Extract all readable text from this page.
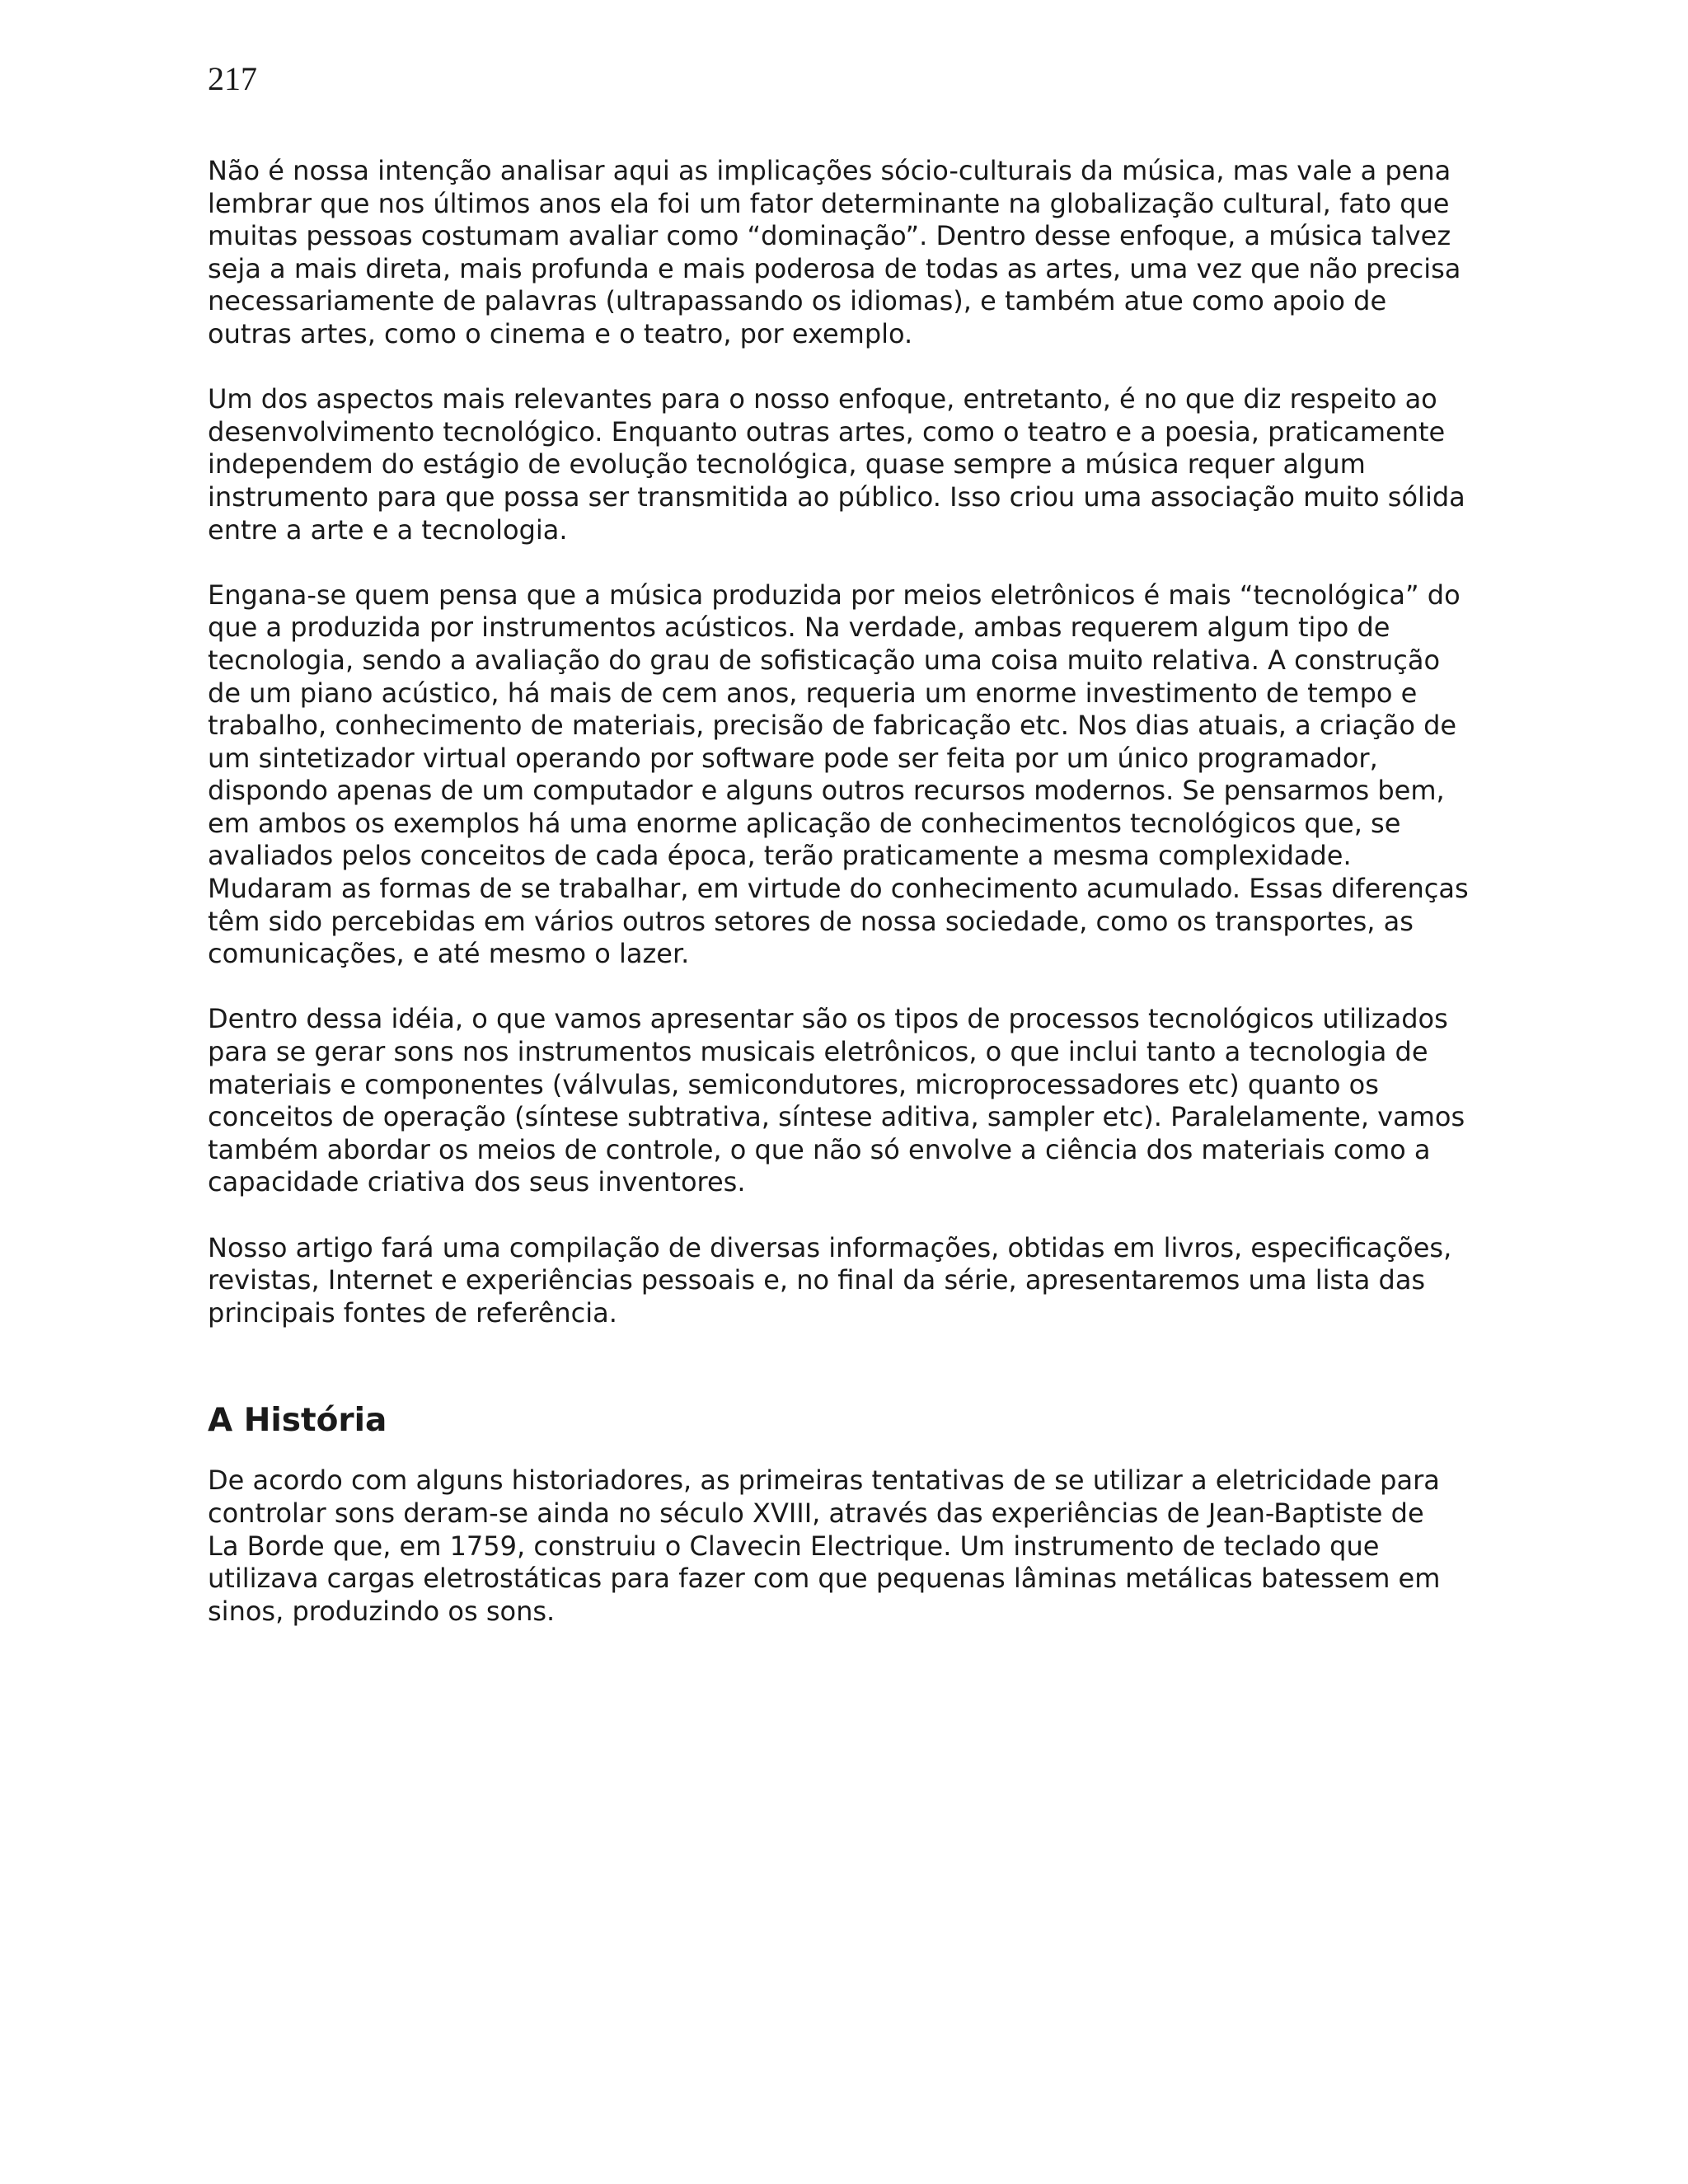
217

Não é nossa intenção analisar aqui as implicações sócio-culturais da música, mas vale a pena
lembrar que nos últimos anos ela foi um fator determinante na globalização cultural, fato que
muitas pessoas costumam avaliar como “dominação”. Dentro desse enfoque, a música talvez
seja a mais direta, mais profunda e mais poderosa de todas as artes, uma vez que não precisa
necessariamente de palavras (ultrapassando os idiomas), e também atue como apoio de
outras artes, como o cinema e o teatro, por exemplo.

Um dos aspectos mais relevantes para o nosso enfoque, entretanto, é no que diz respeito ao
desenvolvimento tecnológico. Enquanto outras artes, como o teatro e a poesia, praticamente
independem do estágio de evolução tecnológica, quase sempre a música requer algum
instrumento para que possa ser transmitida ao público. Isso criou uma associação muito sólida
entre a arte e a tecnologia.

Engana-se quem pensa que a música produzida por meios eletrônicos é mais “tecnológica” do
que a produzida por instrumentos acústicos. Na verdade, ambas requerem algum tipo de
tecnologia, sendo a avaliação do grau de sofisticação uma coisa muito relativa. A construção
de um piano acústico, há mais de cem anos, requeria um enorme investimento de tempo e
trabalho, conhecimento de materiais, precisão de fabricação etc. Nos dias atuais, a criação de
um sintetizador virtual operando por software pode ser feita por um único programador,
dispondo apenas de um computador e alguns outros recursos modernos. Se pensarmos bem,
em ambos os exemplos há uma enorme aplicação de conhecimentos tecnológicos que, se
avaliados pelos conceitos de cada época, terão praticamente a mesma complexidade.
Mudaram as formas de se trabalhar, em virtude do conhecimento acumulado. Essas diferenças
têm sido percebidas em vários outros setores de nossa sociedade, como os transportes, as
comunicações, e até mesmo o lazer.

Dentro dessa idéia, o que vamos apresentar são os tipos de processos tecnológicos utilizados
para se gerar sons nos instrumentos musicais eletrônicos, o que inclui tanto a tecnologia de
materiais e componentes (válvulas, semicondutores, microprocessadores etc) quanto os
conceitos de operação (síntese subtrativa, síntese aditiva, sampler etc). Paralelamente, vamos
também abordar os meios de controle, o que não só envolve a ciência dos materiais como a
capacidade criativa dos seus inventores.

Nosso artigo fará uma compilação de diversas informações, obtidas em livros, especificações,
revistas, Internet e experiências pessoais e, no final da série, apresentaremos uma lista das
principais fontes de referência.

A História

De acordo com alguns historiadores, as primeiras tentativas de se utilizar a eletricidade para
controlar sons deram-se ainda no século XVIII, através das experiências de Jean-Baptiste de
La Borde que, em 1759, construiu o Clavecin Electrique. Um instrumento de teclado que
utilizava cargas eletrostáticas para fazer com que pequenas lâminas metálicas batessem em
sinos, produzindo os sons.
